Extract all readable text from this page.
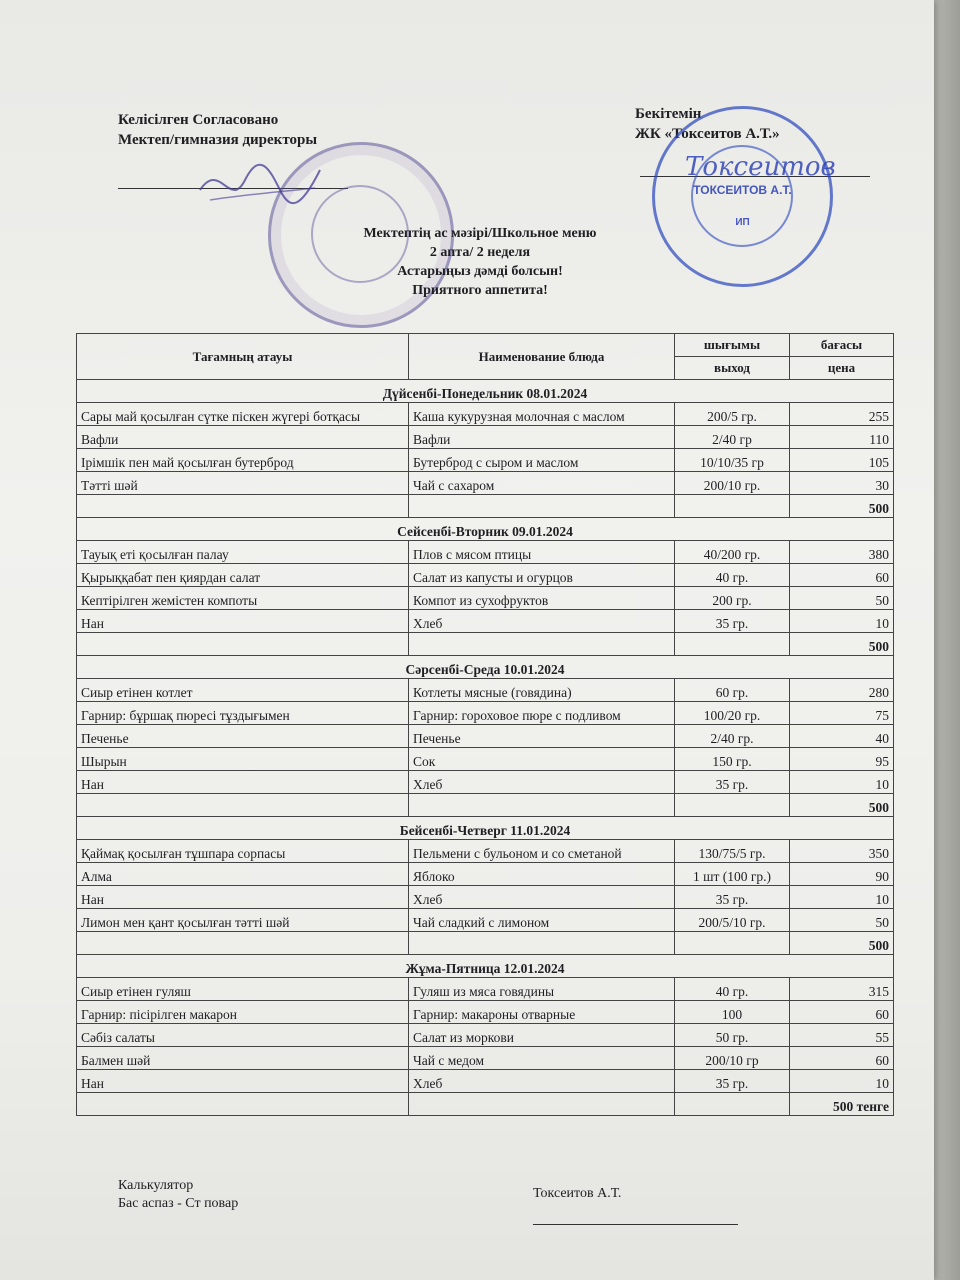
Келісілген Согласовано
Мектеп/гимназия директоры
Бекітемін
ЖК «Токсеитов А.Т.»
ТОКСЕИТОВ А.Т.
ИП
Токсеитов
Мектептің ас мәзірі/Школьное меню
2 апта/ 2 неделя
Астарыңыз дәмді болсын!
Приятного аппетита!
Тағамның атауы	Наименование блюда	шығымы	бағасы
		выход	цена
Дүйсенбі-Понедельник 08.01.2024			
Сары май қосылған сүтке піскен жүгері ботқасы	Каша кукурузная молочная с маслом	200/5 гр.	255
Вафли	Вафли	2/40 гр	110
Ірімшік пен май қосылған бутерброд	Бутерброд с сыром и маслом	10/10/35 гр	105
Тәтті шәй	Чай с сахаром	200/10 гр.	30
			500
Сейсенбі-Вторник 09.01.2024			
Тауық еті қосылған палау	Плов с мясом птицы	40/200 гр.	380
Қырыққабат пен қиярдан салат	Салат из капусты и огурцов	40 гр.	60
Кептірілген жемістен компоты	Компот из сухофруктов	200 гр.	50
Нан	Хлеб	35 гр.	10
			500
Сәрсенбі-Среда 10.01.2024			
Сиыр етінен котлет	Котлеты мясные (говядина)	60 гр.	280
Гарнир: бұршақ пюресі тұздығымен	Гарнир: гороховое пюре с подливом	100/20 гр.	75
Печенье	Печенье	2/40 гр.	40
Шырын	Сок	150 гр.	95
Нан	Хлеб	35 гр.	10
			500
Бейсенбі-Четверг 11.01.2024			
Қаймақ қосылған тұшпара сорпасы	Пельмени с бульоном и со сметаной	130/75/5 гр.	350
Алма	Яблоко	1 шт (100 гр.)	90
Нан	Хлеб	35 гр.	10
Лимон мен қант қосылған тәтті шәй	Чай сладкий с лимоном	200/5/10 гр.	50
			500
Жұма-Пятница 12.01.2024			
Сиыр етінен гуляш	Гуляш из мяса говядины	40 гр.	315
Гарнир: пісірілген макарон	Гарнир: макароны отварные	100	60
Сәбіз салаты	Салат из моркови	50 гр.	55
Балмен шәй	Чай с медом	200/10 гр	60
Нан	Хлеб	35 гр.	10
			500 тенге
Калькулятор
Бас аспаз - Ст повар
Токсеитов А.Т.
